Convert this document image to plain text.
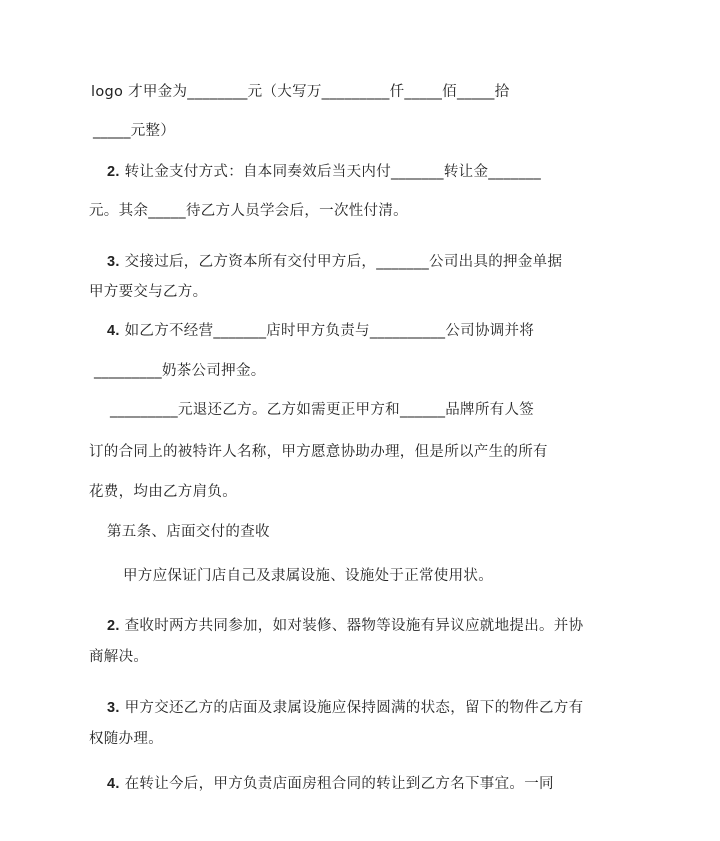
logo 才甲金为________元（大写万_________仟_____佰_____拾
_____元整）
2. 转让金支付方式：自本同奏效后当天内付_______转让金_______
元。其余_____待乙方人员学会后，一次性付清。
3. 交接过后，乙方资本所有交付甲方后，_______公司出具的押金单据
甲方要交与乙方。
4. 如乙方不经营_______店时甲方负责与__________公司协调并将
_________奶茶公司押金。
_________元退还乙方。乙方如需更正甲方和______品牌所有人签
订的合同上的被特许人名称，甲方愿意协助办理，但是所以产生的所有
花费，均由乙方肩负。
第五条、店面交付的查收
甲方应保证门店自己及隶属设施、设施处于正常使用状。
2. 查收时两方共同参加，如对装修、器物等设施有异议应就地提出。并协
商解决。
3. 甲方交还乙方的店面及隶属设施应保持圆满的状态，留下的物件乙方有
权随办理。
4. 在转让今后，甲方负责店面房租合同的转让到乙方名下事宜。一同
